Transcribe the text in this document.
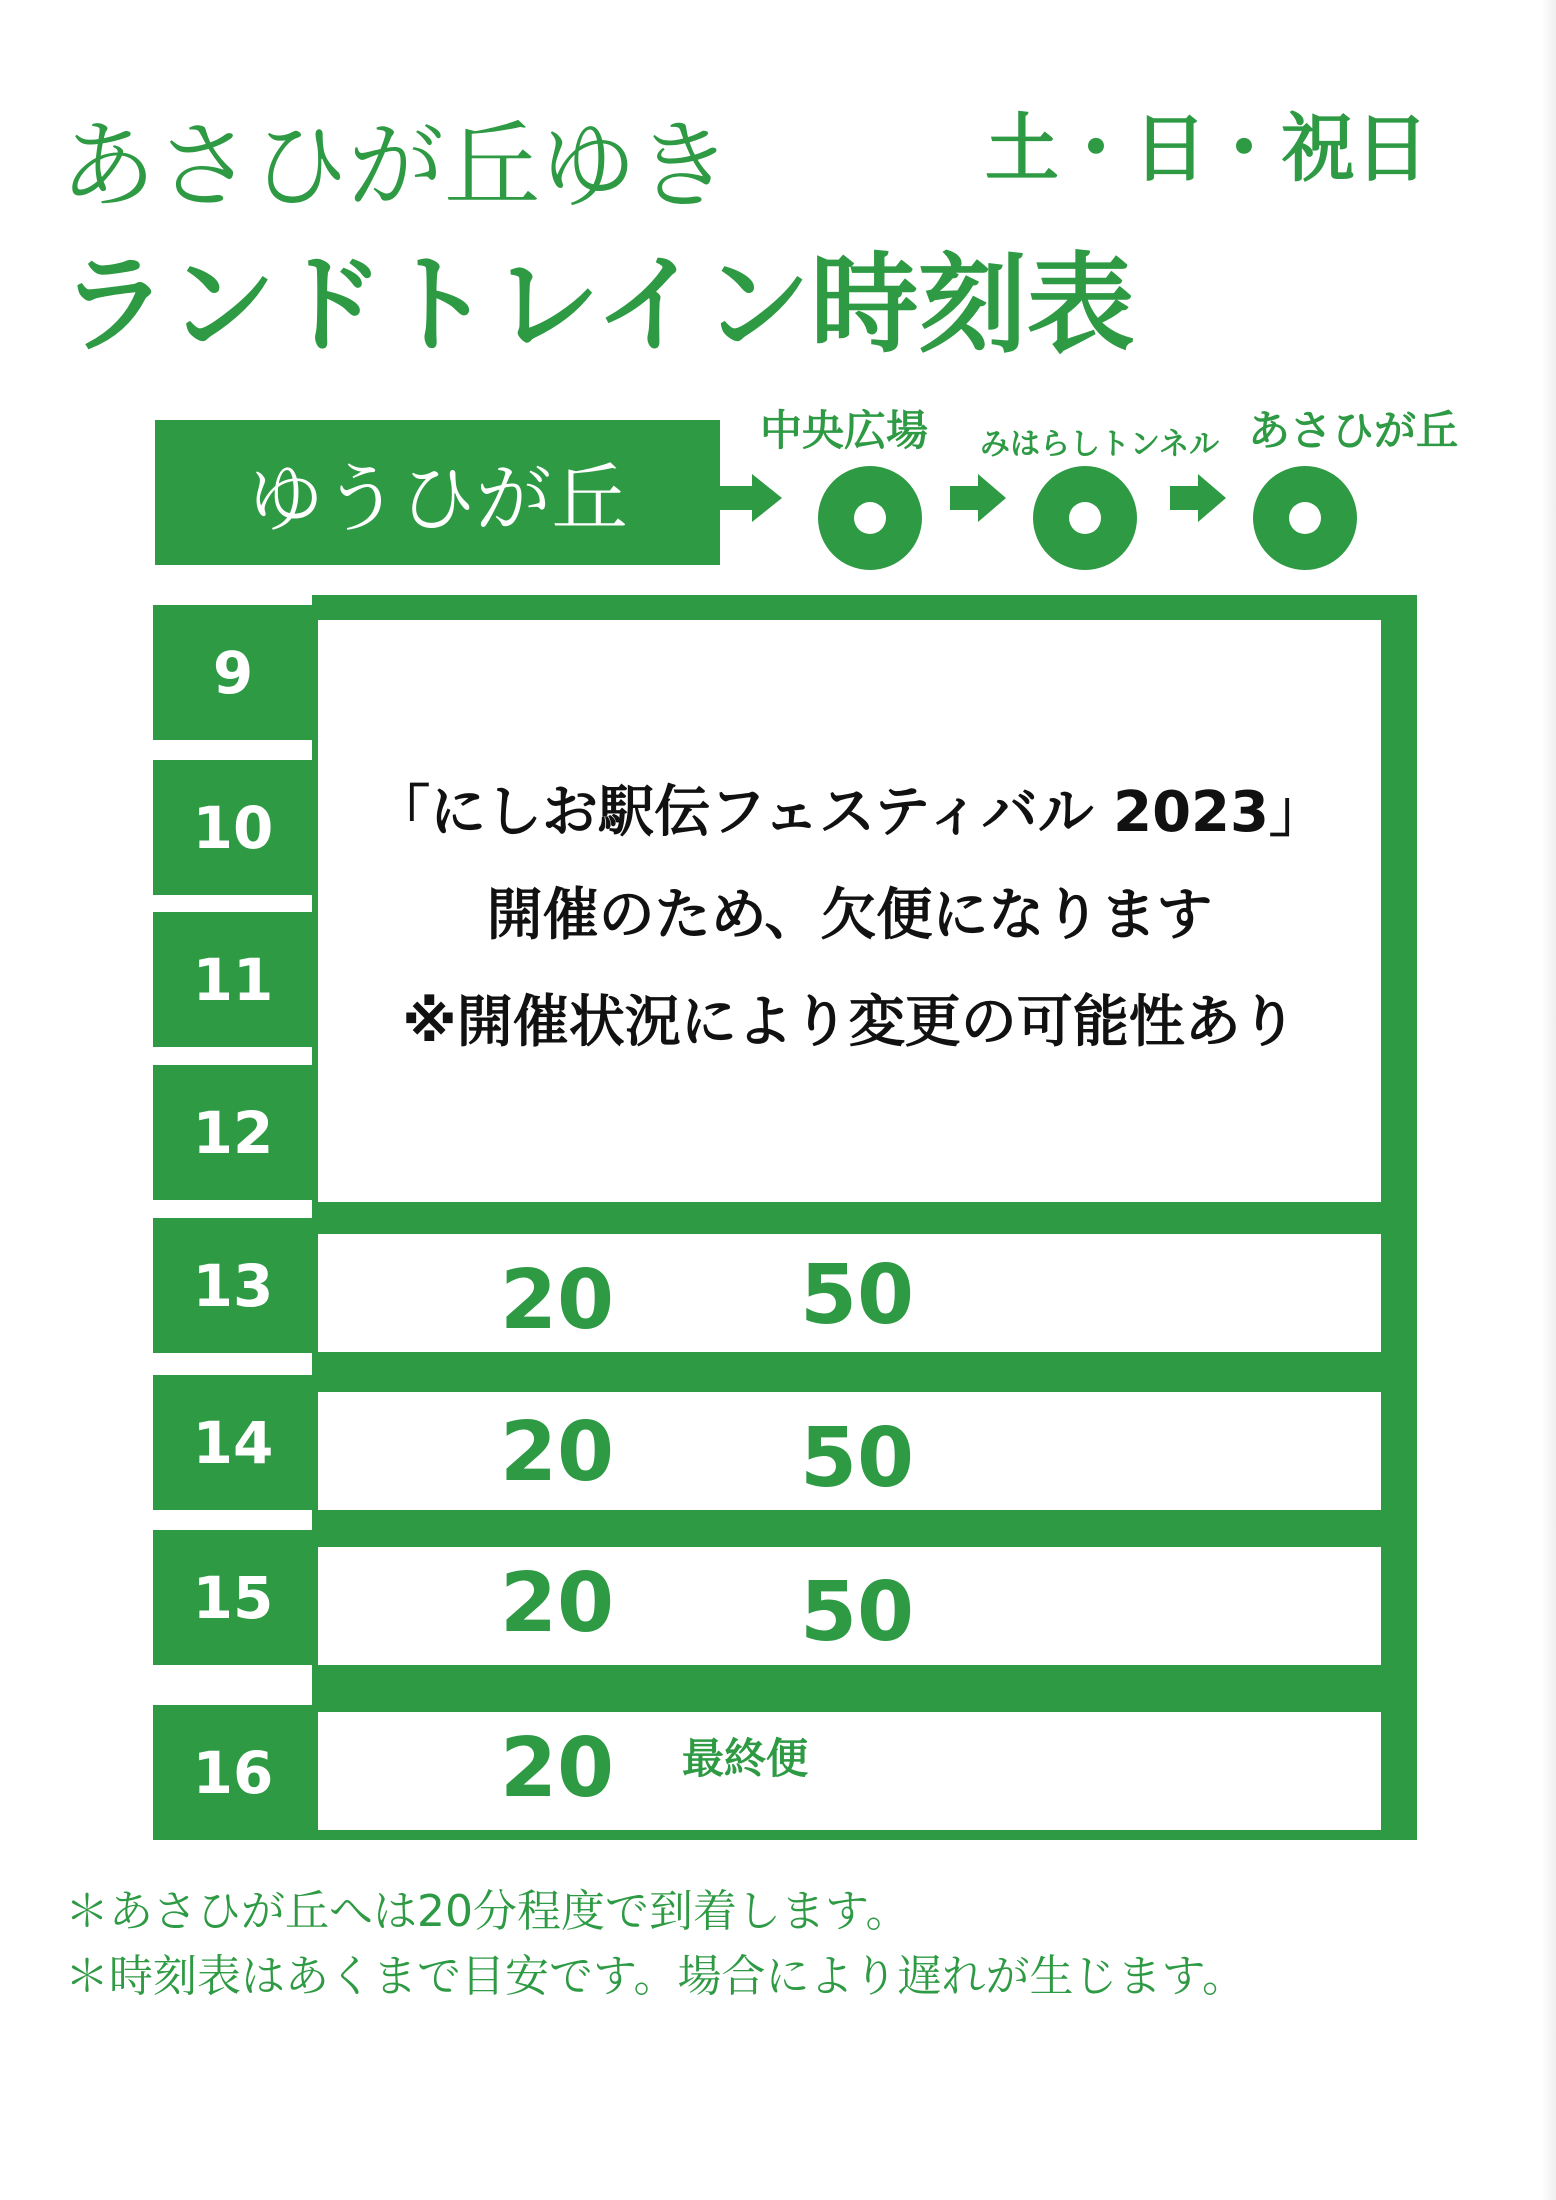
あさひが丘ゆき
ランドトレイン時刻表
土・日・祝日
ゆうひが丘
中央広場 みはらしトンネル あさひが丘
9
10
11
12
13
14
15
16
「にしお駅伝フェスティバル 2023」
開催のため、欠便になります
※開催状況により変更の可能性あり
20 50
20 50
20 50
20 最終便
＊あさひが丘へは20分程度で到着します。
＊時刻表はあくまで目安です。場合により遅れが生じます。
